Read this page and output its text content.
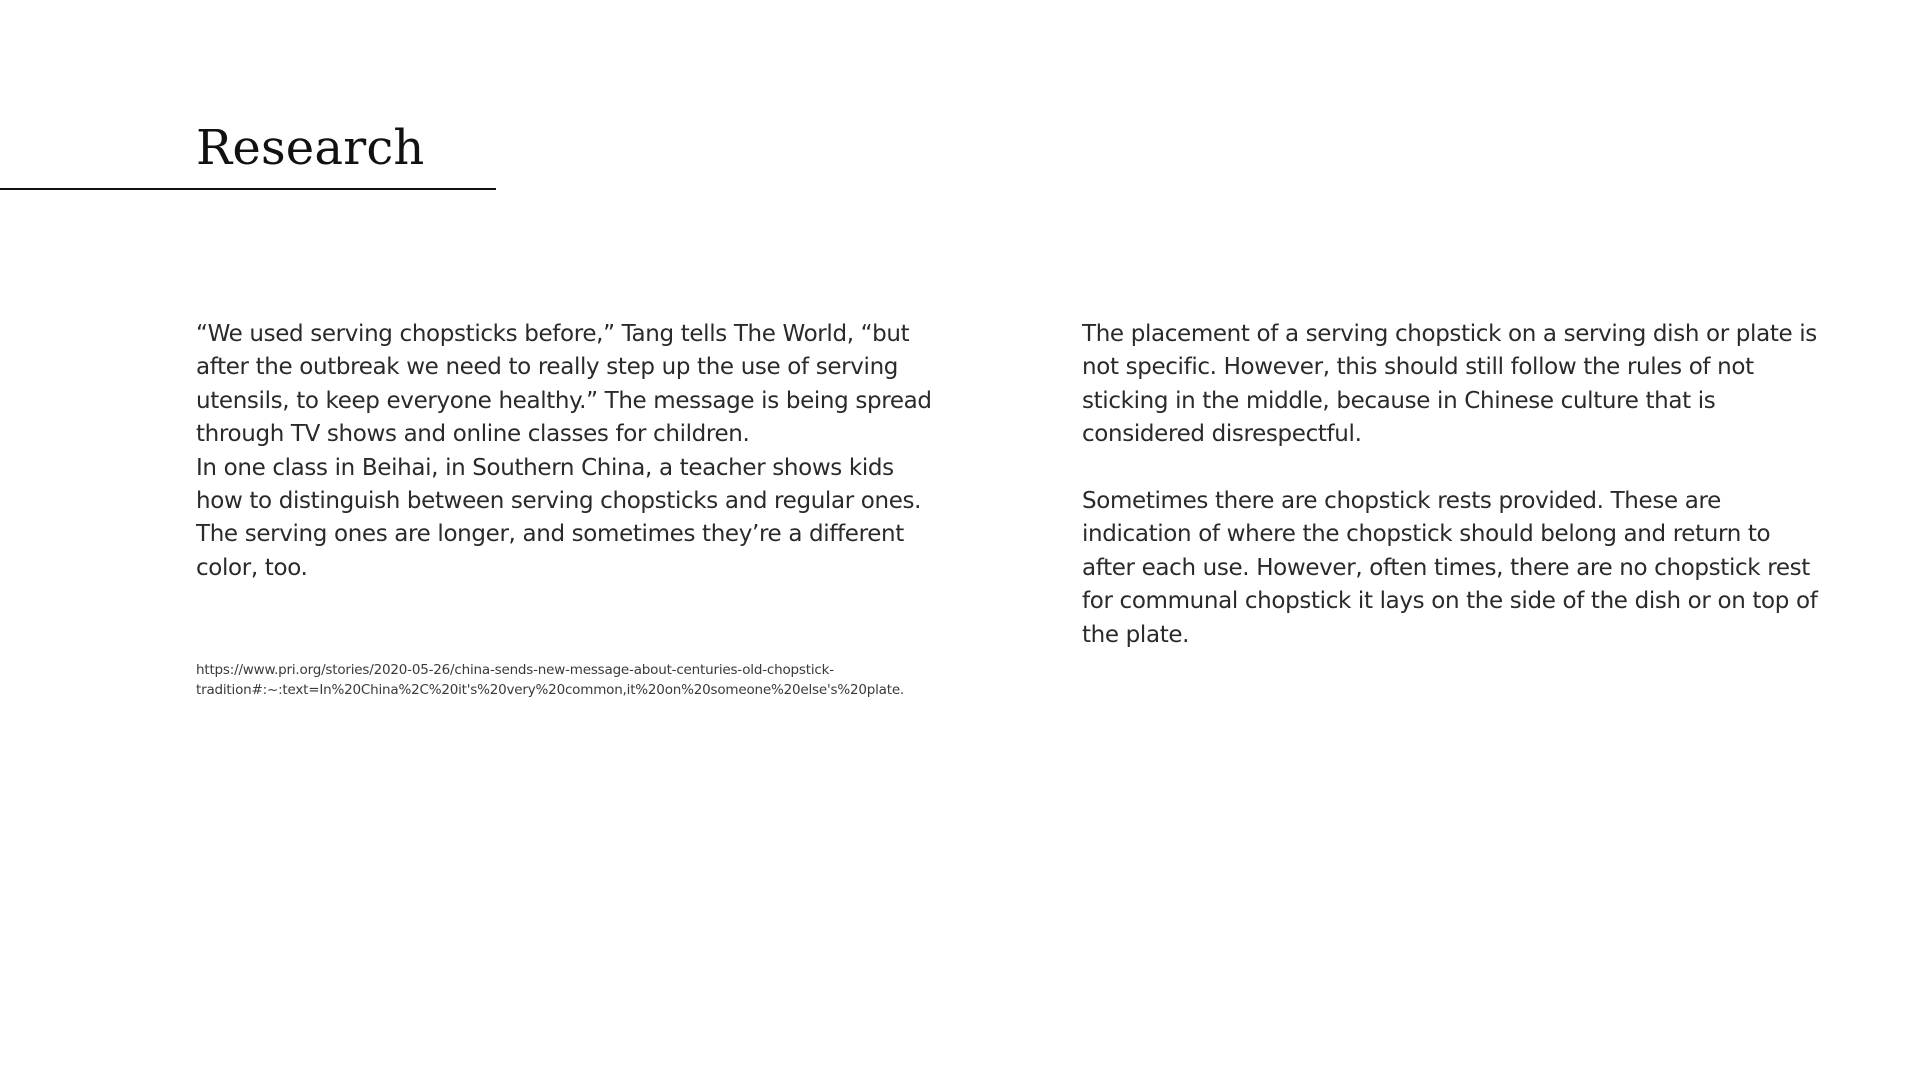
Research

“We used serving chopsticks before,” Tang tells The World, “but after the outbreak we need to really step up the use of serving utensils, to keep everyone healthy.” The message is being spread through TV shows and online classes for children.

In one class in Beihai, in Southern China, a teacher shows kids how to distinguish between serving chopsticks and regular ones. The serving ones are longer, and sometimes they’re a different color, too.

https://www.pri.org/stories/2020-05-26/china-sends-new-message-about-centuries-old-chopstick-
tradition#:~:text=In%20China%2C%20it's%20very%20common,it%20on%20someone%20else's%20plate.

The placement of a serving chopstick on a serving dish or plate is not specific. However, this should still follow the rules of not sticking in the middle, because in Chinese culture that is considered disrespectful.

Sometimes there are chopstick rests provided. These are indication of where the chopstick should belong and return to after each use. However, often times, there are no chopstick rest for communal chopstick it lays on the side of the dish or on top of the plate.
